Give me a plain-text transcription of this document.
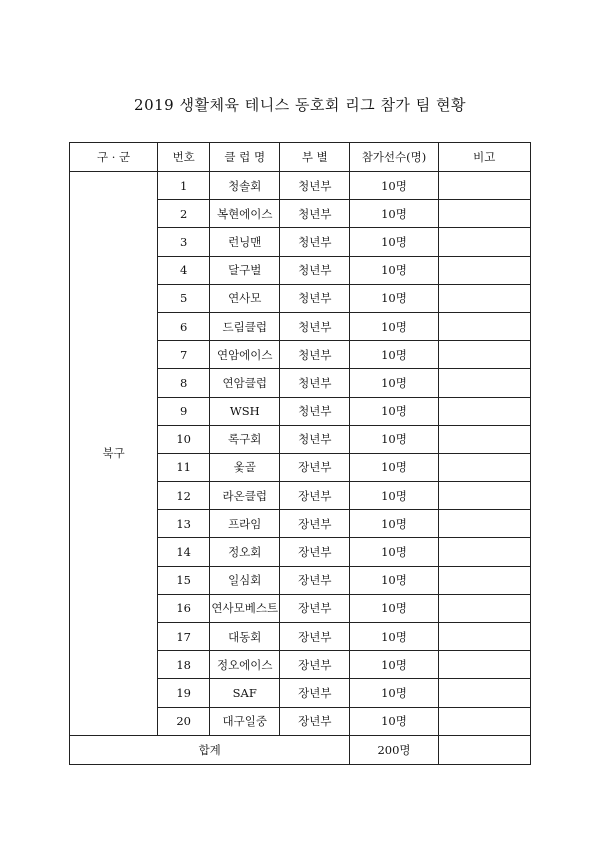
2019 생활체육 테니스 동호회 리그 참가 팀 현황
구 · 군	번호	클 럽 명	부 별	참가선수(명)	비고
북구	1	청솔회	청년부	10명	
	2	복현에이스	청년부	10명	
	3	런닝맨	청년부	10명	
	4	달구벌	청년부	10명	
	5	연사모	청년부	10명	
	6	드림클럽	청년부	10명	
	7	연암에이스	청년부	10명	
	8	연암클럽	청년부	10명	
	9	WSH	청년부	10명	
	10	록구회	청년부	10명	
	11	옻골	장년부	10명	
	12	라온클럽	장년부	10명	
	13	프라임	장년부	10명	
	14	정오회	장년부	10명	
	15	일심회	장년부	10명	
	16	연사모베스트	장년부	10명	
	17	대동회	장년부	10명	
	18	정오에이스	장년부	10명	
	19	SAF	장년부	10명	
	20	대구일중	장년부	10명	
합계				200명	
